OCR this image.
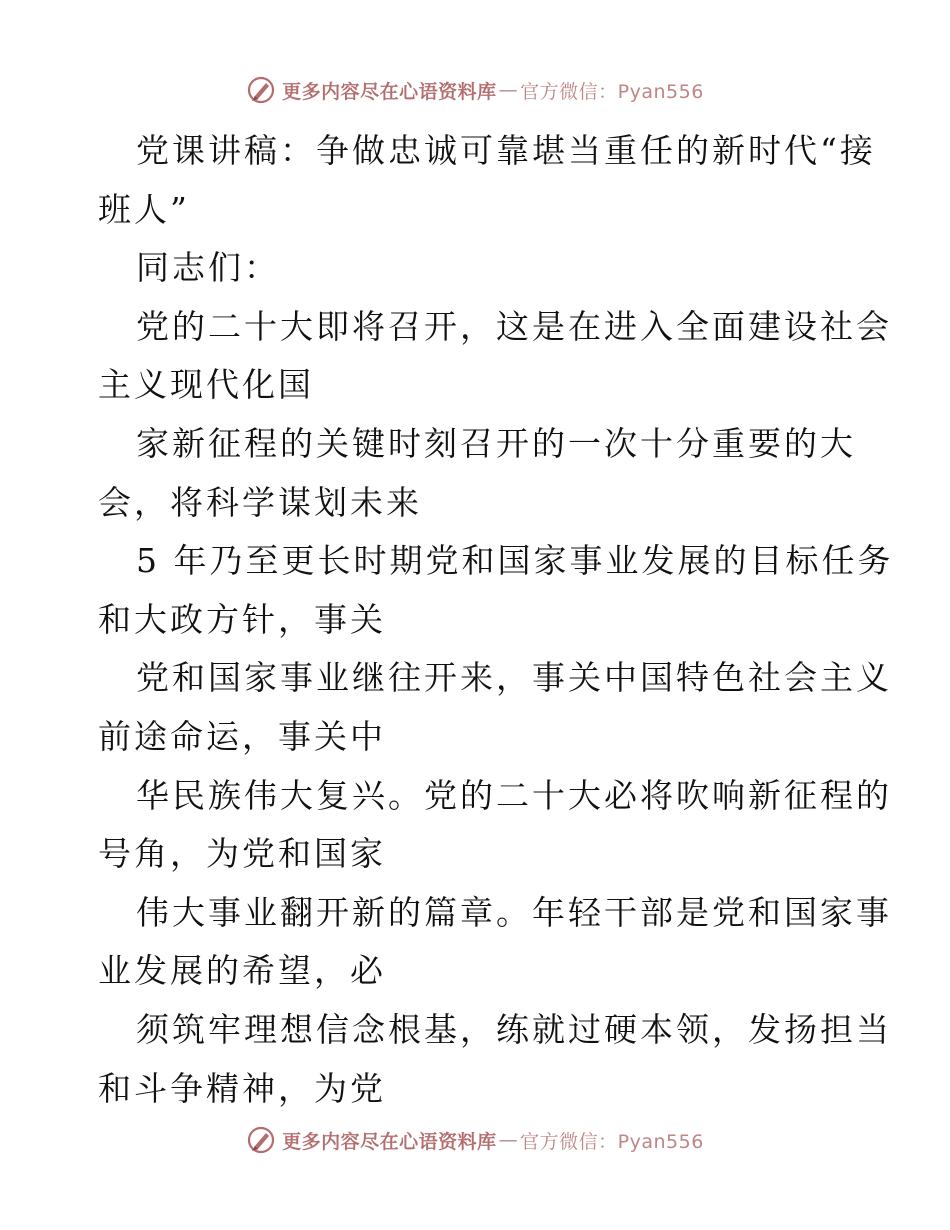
更多内容尽在心语资料库 — 官方微信：Pyan556
党课讲稿：争做忠诚可靠堪当重任的新时代“接
班人”
同志们：
党的二十大即将召开，这是在进入全面建设社会
主义现代化国
家新征程的关键时刻召开的一次十分重要的大
会，将科学谋划未来
5 年乃至更长时期党和国家事业发展的目标任务
和大政方针，事关
党和国家事业继往开来，事关中国特色社会主义
前途命运，事关中
华民族伟大复兴。党的二十大必将吹响新征程的
号角，为党和国家
伟大事业翻开新的篇章。年轻干部是党和国家事
业发展的希望，必
须筑牢理想信念根基，练就过硬本领，发扬担当
和斗争精神，为党
更多内容尽在心语资料库 — 官方微信：Pyan556
